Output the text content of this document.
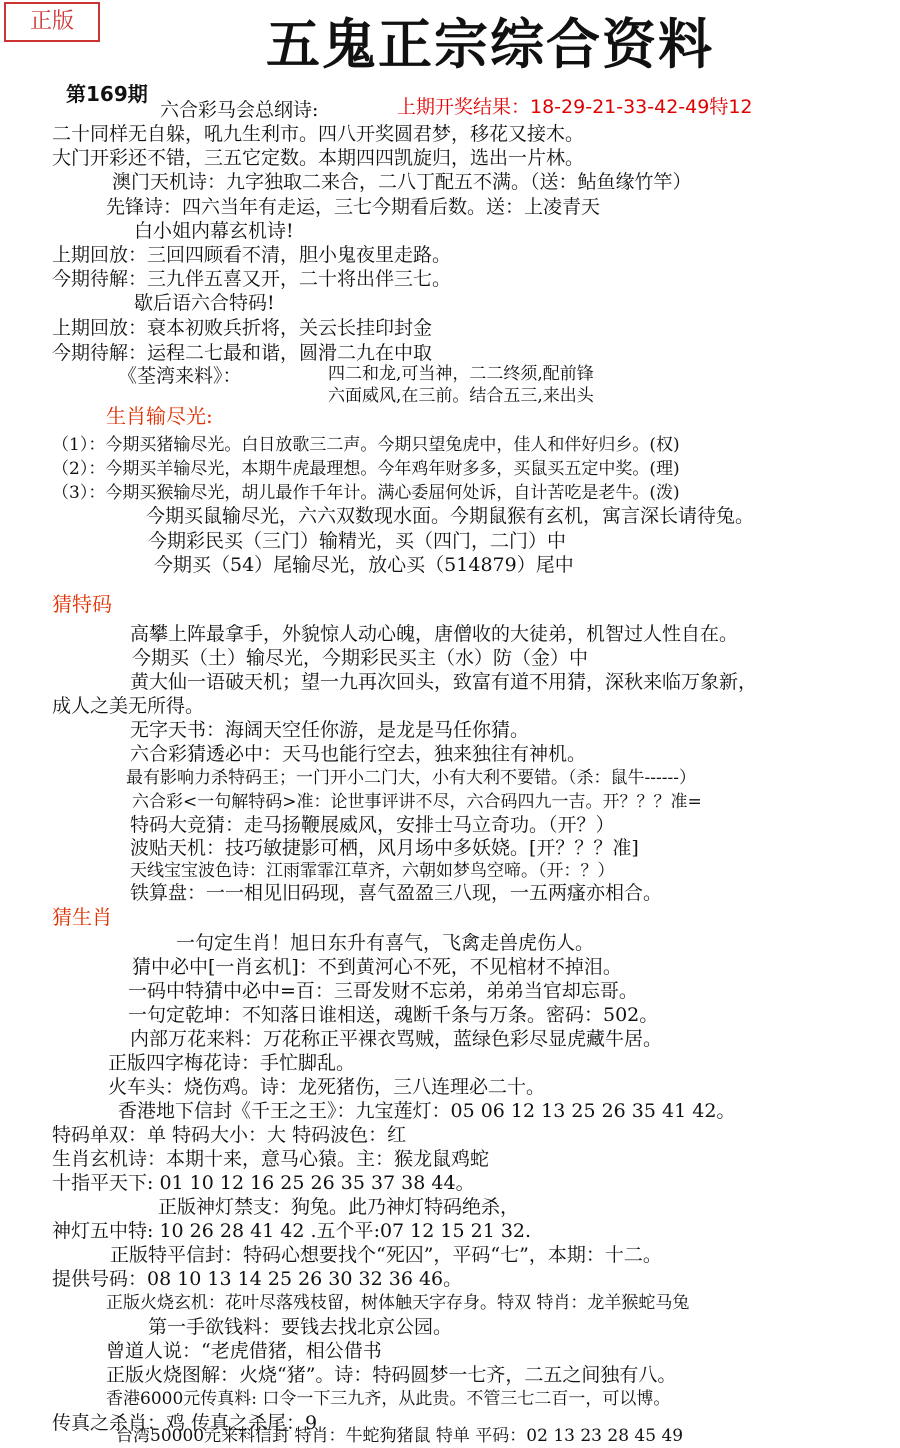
正版	五鬼正宗综合资料
第169期
上期开奖结果：18-29-21-33-42-49特12
六合彩马会总纲诗:
二十同样无自躲，吼九生利市。四八开奖圆君梦，移花又接木。
大门开彩还不错，三五它定数。本期四四凯旋归，选出一片林。
澳门天机诗：九字独取二来合，二八丁配五不满。（送：鲇鱼缘竹竿）
先锋诗：四六当年有走运，三七今期看后数。送：上凌青天
白小姐内幕玄机诗!
上期回放：三回四顾看不清，胆小鬼夜里走路。
今期待解：三九伴五喜又开，二十将出伴三七。
歇后语六合特码!
上期回放：衰本初败兵折将，关云长挂印封金
今期待解：运程二七最和谐，圆滑二九在中取
《荃湾来料》：	四二和龙,可当神，二二终须,配前锋
六面威风,在三前。结合五三,来出头
生肖输尽光:
（1）：今期买猪输尽光。白日放歌三二声。今期只望兔虎中，佳人和伴好归乡。(权)
（2）：今期买羊输尽光，本期牛虎最理想。今年鸡年财多多，买鼠买五定中奖。(理)
（3）：今期买猴输尽光，胡儿最作千年计。满心委屈何处诉，自计苦吃是老牛。(泼)
今期买鼠输尽光，六六双数现水面。今期鼠猴有玄机，寓言深长请待兔。
今期彩民买（三门）输精光，买（四门，二门）中
今期买（54）尾输尽光，放心买（514879）尾中
猜特码
高攀上阵最拿手，外貌惊人动心魄，唐僧收的大徒弟，机智过人性自在。
今期买（土）输尽光，今期彩民买主（水）防（金）中
黄大仙一语破天机；望一九再次回头，致富有道不用猜，深秋来临万象新，
成人之美无所得。
无字天书：海阔天空任你游，是龙是马任你猜。
六合彩猜透必中：天马也能行空去，独来独往有神机。
最有影响力杀特码王；一门开小二门大，小有大利不要错。（杀：鼠牛------）
六合彩<一句解特码>准：论世事评讲不尽，六合码四九一吉。开？？？准=
特码大竞猜：走马扬鞭展威风，安排士马立奇功。（开？）
波贴天机：技巧敏捷影可栖，风月场中多妖娆。[开？？？准]
天线宝宝波色诗：江雨霏霏江草齐，六朝如梦鸟空啼。（开：？）
铁算盘：一一相见旧码现，喜气盈盈三八现，一五两瘙亦相合。
猜生肖
一句定生肖！旭日东升有喜气，飞禽走兽虎伤人。
猜中必中[一肖玄机]：不到黄河心不死，不见棺材不掉泪。
一码中特猜中必中=百：三哥发财不忘弟，弟弟当官却忘哥。
一句定乾坤：不知落日谁相送，魂断千条与万条。密码：502。
内部万花来料：万花称正平裸衣骂贼，蓝绿色彩尽显虎藏牛居。
正版四字梅花诗：手忙脚乱。
火车头：烧伤鸡。诗：龙死猪伤，三八连理必二十。
香港地下信封《千王之王》：九宝莲灯：05 06 12 13 25 26 35 41 42。
特码单双：单 特码大小：大 特码波色：红
生肖玄机诗：本期十来，意马心猿。主：猴龙鼠鸡蛇
十指平天下: 01 10 12 16 25 26 35 37 38 44。
正版神灯禁支：狗兔。此乃神灯特码绝杀，
神灯五中特: 10 26 28 41 42 .五个平:07 12 15 21 32.
正版特平信封：特码心想要找个“死囚”，平码“七”，本期：十二。
提供号码：08 10 13 14 25 26 30 32 36 46。
正版火烧玄机：花叶尽落残枝留，树体触天字存身。特双 特肖：龙羊猴蛇马兔
第一手欲钱料：要钱去找北京公园。
曾道人说：“老虎借猪，相公借书
正版火烧图解：火烧“猪”。诗：特码圆梦一七齐，二五之间独有八。
香港6000元传真料: 口令一下三九齐，从此贵。不管三七二百一，可以博。
传真之杀肖：鸡 传真之杀尾：9
台湾50000元来料信封 特肖：牛蛇狗猪鼠 特单 平码：02 13 23 28 45 49
